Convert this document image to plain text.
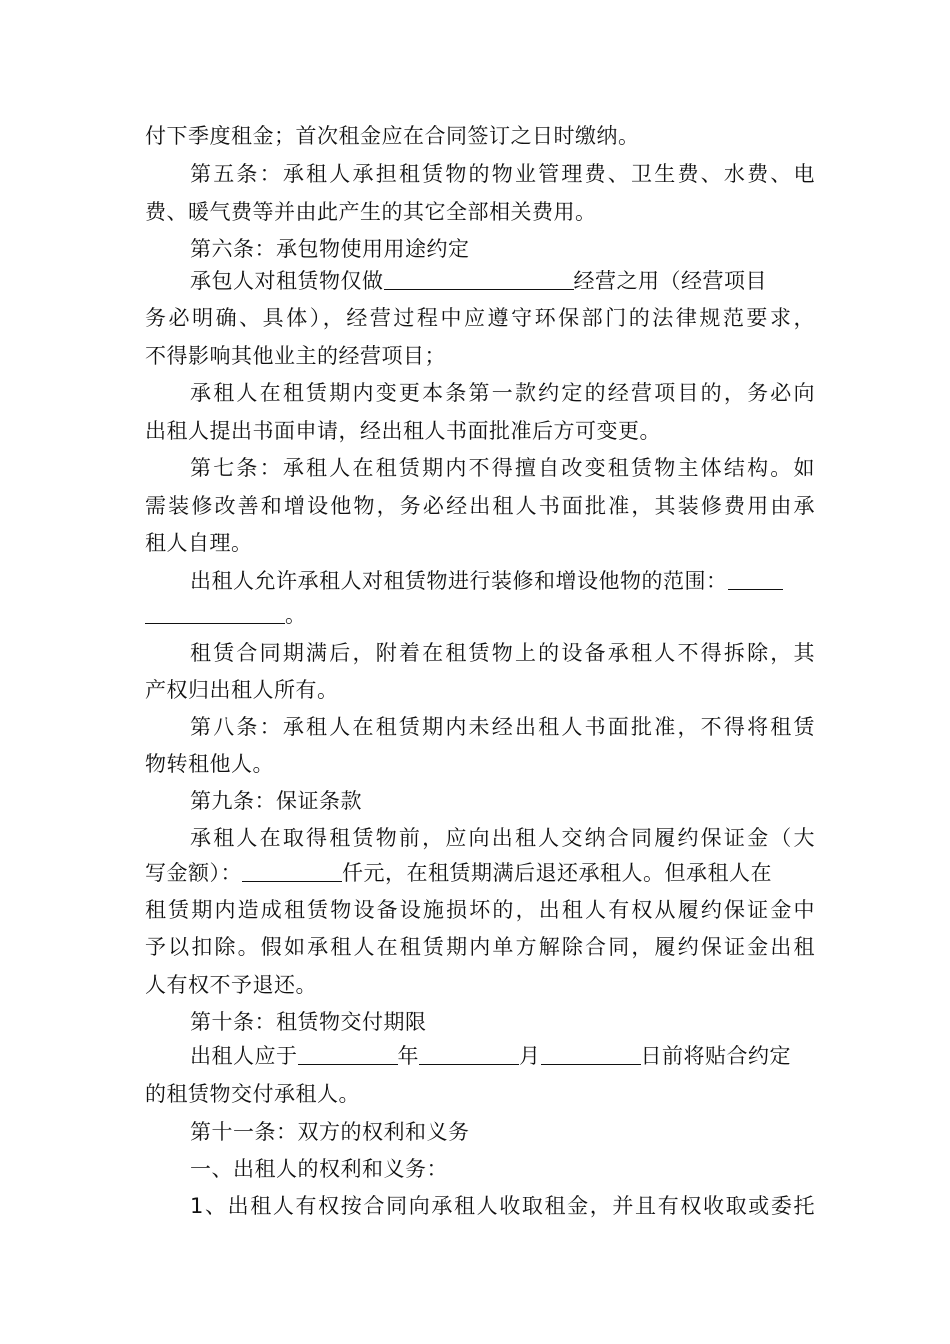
付下季度租金；首次租金应在合同签订之日时缴纳。
第五条：承租人承担租赁物的物业管理费、卫生费、水费、电
费、暖气费等并由此产生的其它全部相关费用。
第六条：承包物使用用途约定
承包人对租赁物仅做	经营之用（经营项目
务必明确、具体），经营过程中应遵守环保部门的法律规范要求，
不得影响其他业主的经营项目；
承租人在租赁期内变更本条第一款约定的经营项目的，务必向
出租人提出书面申请，经出租人书面批准后方可变更。
第七条：承租人在租赁期内不得擅自改变租赁物主体结构。如
需装修改善和增设他物，务必经出租人书面批准，其装修费用由承
租人自理。
出租人允许承租人对租赁物进行装修和增设他物的范围：
。
租赁合同期满后，附着在租赁物上的设备承租人不得拆除，其
产权归出租人所有。
第八条：承租人在租赁期内未经出租人书面批准，不得将租赁
物转租他人。
第九条：保证条款
承租人在取得租赁物前，应向出租人交纳合同履约保证金（大
写金额）：	仟元，在租赁期满后退还承租人。但承租人在
租赁期内造成租赁物设备设施损坏的，出租人有权从履约保证金中
予以扣除。假如承租人在租赁期内单方解除合同，履约保证金出租
人有权不予退还。
第十条：租赁物交付期限
出租人应于	年	月	日前将贴合约定
的租赁物交付承租人。
第十一条：双方的权利和义务
一、出租人的权利和义务：
1、出租人有权按合同向承租人收取租金，并且有权收取或委托
